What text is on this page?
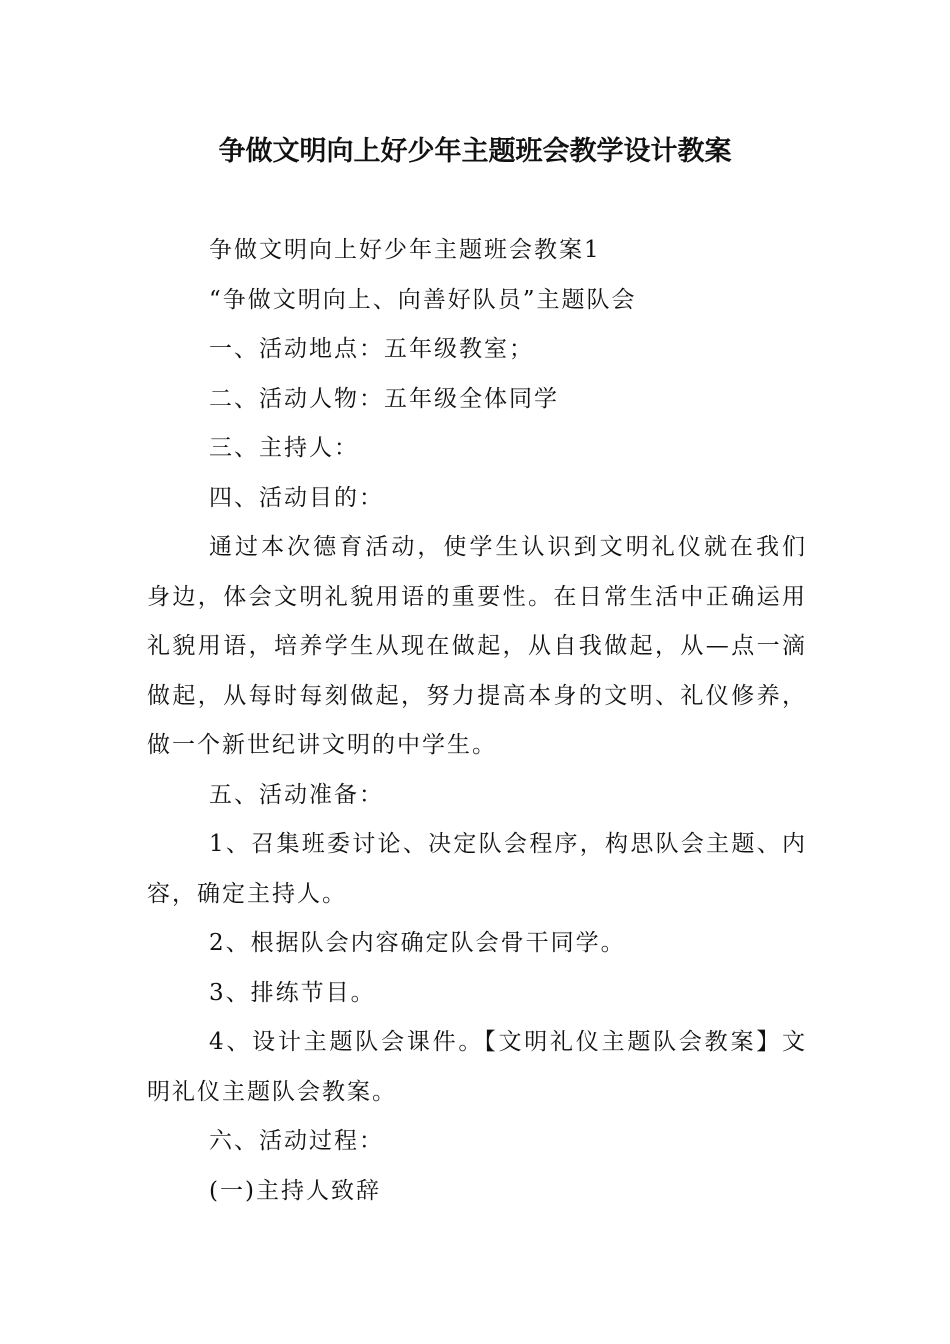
争做文明向上好少年主题班会教学设计教案

争做文明向上好少年主题班会教案1

“争做文明向上、向善好队员”主题队会

一、活动地点：五年级教室；

二、活动人物：五年级全体同学

三、主持人：

四、活动目的：

通过本次德育活动，使学生认识到文明礼仪就在我们身边，体会文明礼貌用语的重要性。在日常生活中正确运用礼貌用语，培养学生从现在做起，从自我做起，从—点一滴做起，从每时每刻做起，努力提高本身的文明、礼仪修养，做一个新世纪讲文明的中学生。

五、活动准备：

1、召集班委讨论、决定队会程序，构思队会主题、内容，确定主持人。

2、根据队会内容确定队会骨干同学。

3、排练节目。

4、设计主题队会课件。【文明礼仪主题队会教案】文明礼仪主题队会教案。

六、活动过程：

(一)主持人致辞
